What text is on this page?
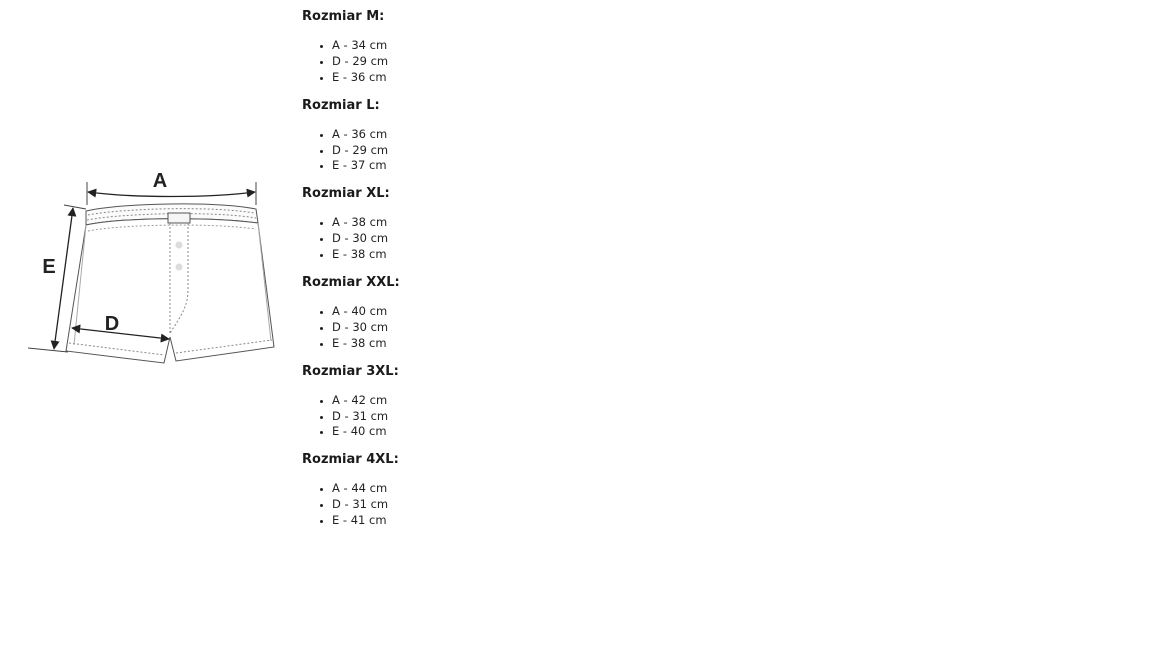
A
E
D

Rozmiar M:

• A - 34 cm
• D - 29 cm
• E - 36 cm

Rozmiar L:

• A - 36 cm
• D - 29 cm
• E - 37 cm

Rozmiar XL:

• A - 38 cm
• D - 30 cm
• E - 38 cm

Rozmiar XXL:

• A - 40 cm
• D - 30 cm
• E - 38 cm

Rozmiar 3XL:

• A - 42 cm
• D - 31 cm
• E - 40 cm

Rozmiar 4XL:

• A - 44 cm
• D - 31 cm
• E - 41 cm
